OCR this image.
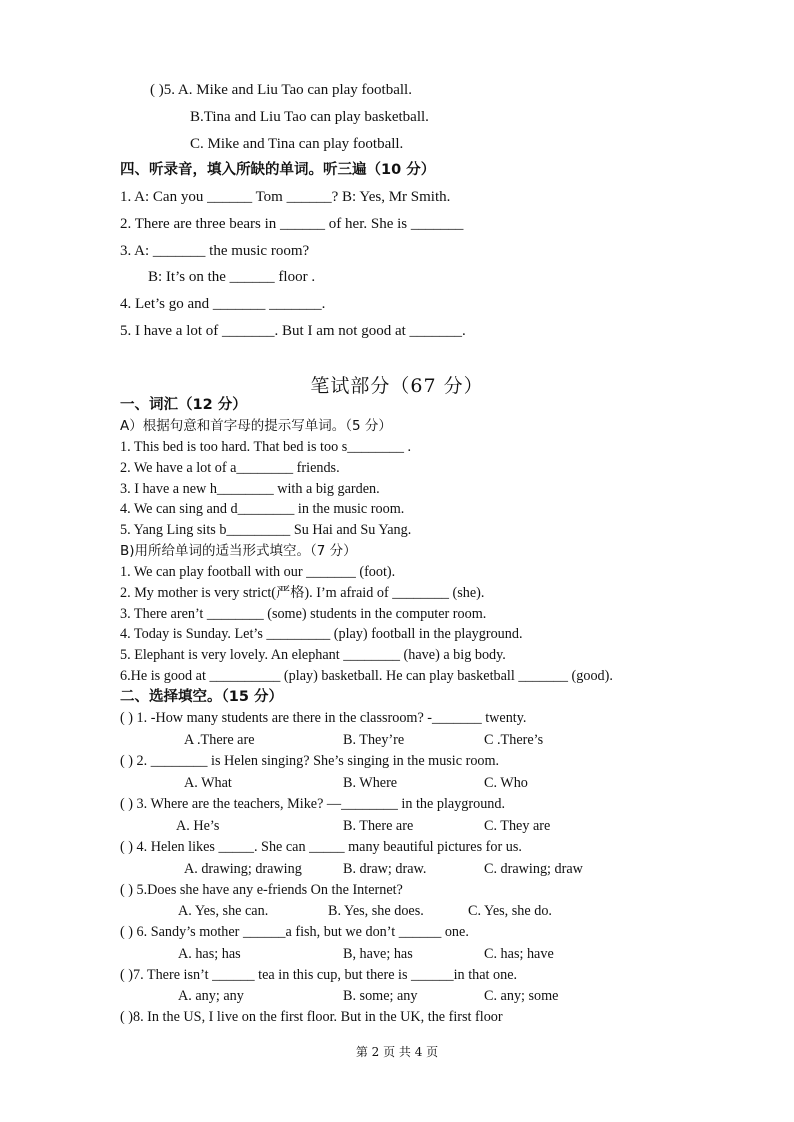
( )5. A. Mike and Liu Tao can play football.
B.Tina and Liu Tao can play basketball.
C. Mike and Tina can play football.
四、听录音，填入所缺的单词。听三遍（10 分）
1. A: Can you ______ Tom ______? B: Yes, Mr Smith.
2. There are three bears in ______ of her. She is _______
3. A: _______ the music room?
B: It’s on the ______ floor .
4. Let’s go and _______ _______.
5. I have a lot of _______. But I am not good at _______.
笔试部分（67 分）
一、词汇（12 分）
A）根据句意和首字母的提示写单词。（5 分）
1. This bed is too hard. That bed is too s________ .
2. We have a lot of a________ friends.
3. I have a new h________ with a big garden.
4. We can sing and d________ in the music room.
5. Yang Ling sits b_________ Su Hai and Su Yang.
B)用所给单词的适当形式填空。（7 分）
1. We can play football with our _______ (foot).
2. My mother is very strict(严格). I’m afraid of ________ (she).
3. There aren’t ________ (some) students in the computer room.
4. Today is Sunday. Let’s _________ (play) football in the playground.
5. Elephant is very lovely. An elephant ________ (have) a big body.
6.He is good at __________ (play) basketball. He can play basketball _______ (good).
二、选择填空。（15 分）
( ) 1. -How many students are there in the classroom? -_______ twenty.
A .There are	B. They’re	C .There’s
( ) 2. ________ is Helen singing? She’s singing in the music room.
A. What	B. Where	C. Who
( ) 3. Where are the teachers, Mike? —________ in the playground.
A. He’s	B. There are	C. They are
( ) 4. Helen likes _____. She can _____ many beautiful pictures for us.
A. drawing; drawing	B. draw; draw.	C. drawing; draw
( ) 5.Does she have any e-friends On the Internet?
A. Yes, she can.	B. Yes, she does.	C. Yes, she do.
( ) 6. Sandy’s mother ______a fish, but we don’t ______ one.
A. has; has	B, have; has	C. has; have
( )7. There isn’t ______ tea in this cup, but there is ______in that one.
A. any; any	B. some; any	C. any; some
( )8. In the US, I live on the first floor. But in the UK, the first floor
第 2 页 共 4 页
